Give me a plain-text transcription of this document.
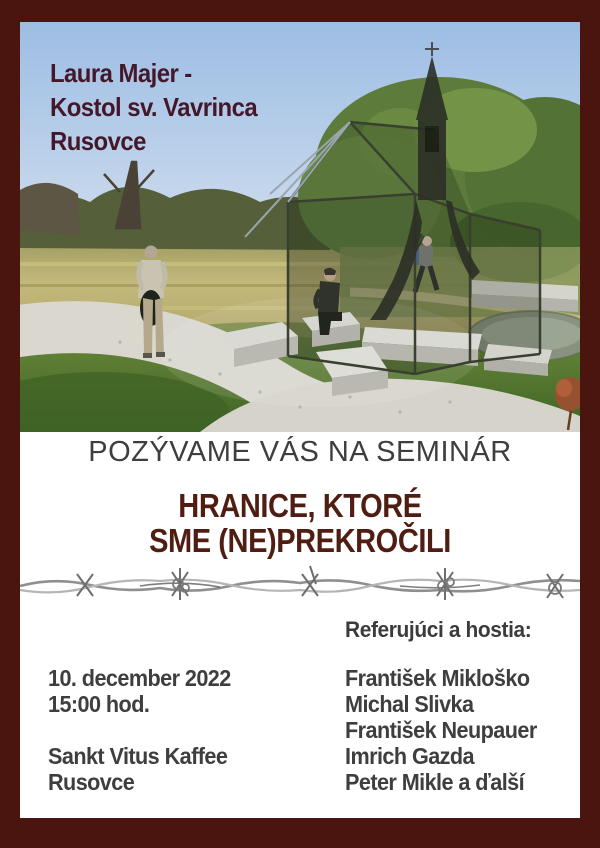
Laura Majer -
Kostol sv. Vavrinca
Rusovce
POZÝVAME VÁS NA SEMINÁR
HRANICE, KTORÉ
SME (NE)PREKROČILI
Referujúci a hostia:
10. december 2022
15:00 hod.
Sankt Vitus Kaffee
Rusovce
František Mikloško
Michal Slivka
František Neupauer
Imrich Gazda
Peter Mikle a ďalší
